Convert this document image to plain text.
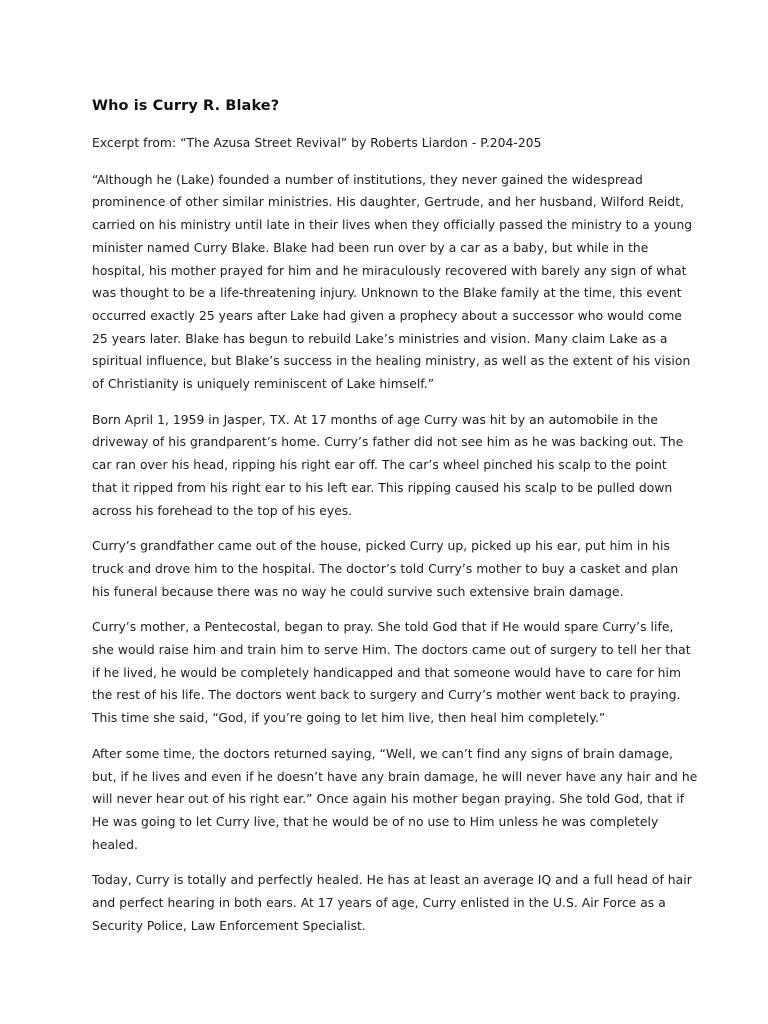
Who is Curry R. Blake?

Excerpt from: “The Azusa Street Revival” by Roberts Liardon - P.204-205

“Although he (Lake) founded a number of institutions, they never gained the widespread
prominence of other similar ministries. His daughter, Gertrude, and her husband, Wilford Reidt,
carried on his ministry until late in their lives when they officially passed the ministry to a young
minister named Curry Blake. Blake had been run over by a car as a baby, but while in the
hospital, his mother prayed for him and he miraculously recovered with barely any sign of what
was thought to be a life-threatening injury. Unknown to the Blake family at the time, this event
occurred exactly 25 years after Lake had given a prophecy about a successor who would come
25 years later. Blake has begun to rebuild Lake’s ministries and vision. Many claim Lake as a
spiritual influence, but Blake’s success in the healing ministry, as well as the extent of his vision
of Christianity is uniquely reminiscent of Lake himself.”

Born April 1, 1959 in Jasper, TX. At 17 months of age Curry was hit by an automobile in the
driveway of his grandparent’s home. Curry’s father did not see him as he was backing out. The
car ran over his head, ripping his right ear off. The car’s wheel pinched his scalp to the point
that it ripped from his right ear to his left ear. This ripping caused his scalp to be pulled down
across his forehead to the top of his eyes.

Curry’s grandfather came out of the house, picked Curry up, picked up his ear, put him in his
truck and drove him to the hospital. The doctor’s told Curry’s mother to buy a casket and plan
his funeral because there was no way he could survive such extensive brain damage.

Curry’s mother, a Pentecostal, began to pray. She told God that if He would spare Curry’s life,
she would raise him and train him to serve Him. The doctors came out of surgery to tell her that
if he lived, he would be completely handicapped and that someone would have to care for him
the rest of his life. The doctors went back to surgery and Curry’s mother went back to praying.
This time she said, “God, if you’re going to let him live, then heal him completely.”

After some time, the doctors returned saying, “Well, we can’t find any signs of brain damage,
but, if he lives and even if he doesn’t have any brain damage, he will never have any hair and he
will never hear out of his right ear.” Once again his mother began praying. She told God, that if
He was going to let Curry live, that he would be of no use to Him unless he was completely
healed.

Today, Curry is totally and perfectly healed. He has at least an average IQ and a full head of hair
and perfect hearing in both ears. At 17 years of age, Curry enlisted in the U.S. Air Force as a
Security Police, Law Enforcement Specialist.
